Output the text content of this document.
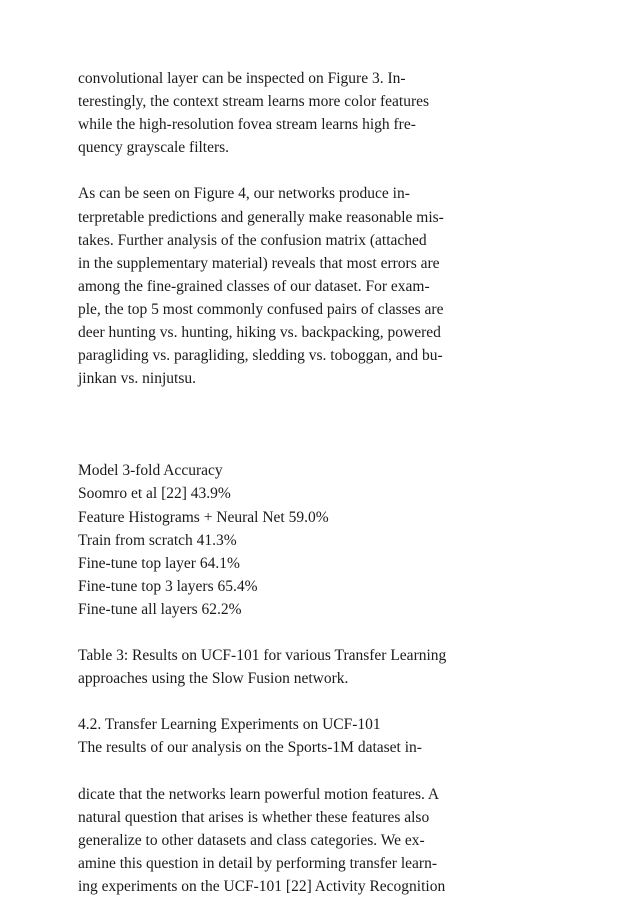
convolutional layer can be inspected on Figure 3. In-
terestingly, the context stream learns more color features
while the high-resolution fovea stream learns high fre-
quency grayscale filters.
As can be seen on Figure 4, our networks produce in-
terpretable predictions and generally make reasonable mis-
takes. Further analysis of the confusion matrix (attached
in the supplementary material) reveals that most errors are
among the fine-grained classes of our dataset. For exam-
ple, the top 5 most commonly confused pairs of classes are
deer hunting vs. hunting, hiking vs. backpacking, powered
paragliding vs. paragliding, sledding vs. toboggan, and bu-
jinkan vs. ninjutsu.
Model 3-fold Accuracy
Soomro et al [22] 43.9%
Feature Histograms + Neural Net 59.0%
Train from scratch 41.3%
Fine-tune top layer 64.1%
Fine-tune top 3 layers 65.4%
Fine-tune all layers 62.2%
Table 3: Results on UCF-101 for various Transfer Learning
approaches using the Slow Fusion network.
4.2. Transfer Learning Experiments on UCF-101
The results of our analysis on the Sports-1M dataset in-
dicate that the networks learn powerful motion features. A
natural question that arises is whether these features also
generalize to other datasets and class categories. We ex-
amine this question in detail by performing transfer learn-
ing experiments on the UCF-101 [22] Activity Recognition
